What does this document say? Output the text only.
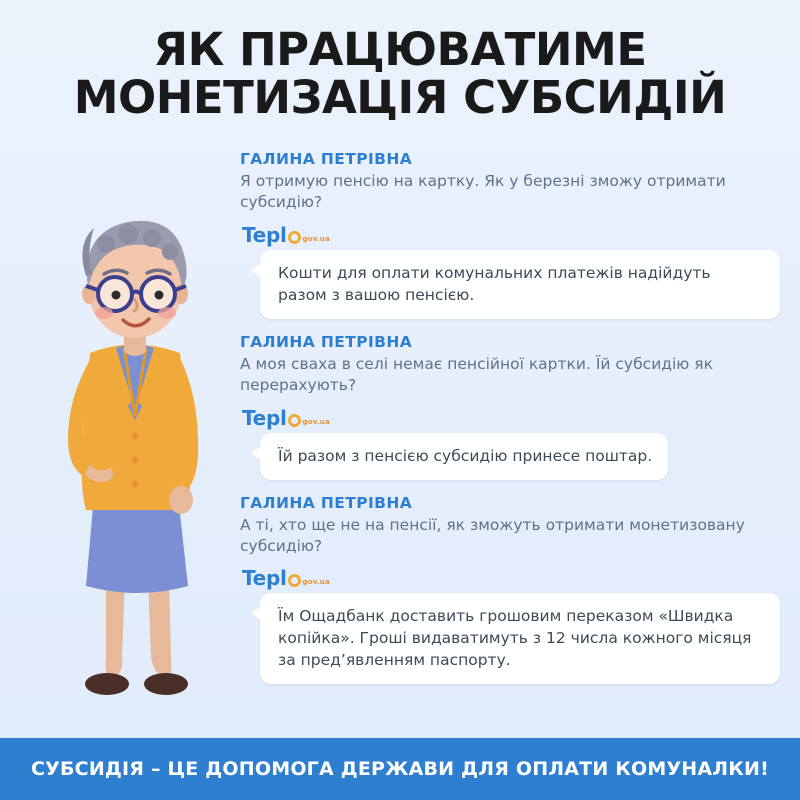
ЯК ПРАЦЮВАТИМЕ
МОНЕТИЗАЦІЯ СУБСИДІЙ
ГАЛИНА ПЕТРІВНА
Я отримую пенсію на картку. Як у березні зможу отримати субсидію?
Tepl gov.ua
Кошти для оплати комунальних платежів надійдуть разом з вашою пенсією.
ГАЛИНА ПЕТРІВНА
А моя сваха в селі немає пенсійної картки. Їй субсидію як перерахують?
Tepl gov.ua
Їй разом з пенсією субсидію принесе поштар.
ГАЛИНА ПЕТРІВНА
А ті, хто ще не на пенсії, як зможуть отримати монетизовану субсидію?
Tepl gov.ua
Їм Ощадбанк доставить грошовим переказом «Швидка копійка». Гроші видаватимуть з 12 числа кожного місяця за пред’явленням паспорту.
СУБСИДІЯ – ЦЕ ДОПОМОГА ДЕРЖАВИ ДЛЯ ОПЛАТИ КОМУНАЛКИ!
